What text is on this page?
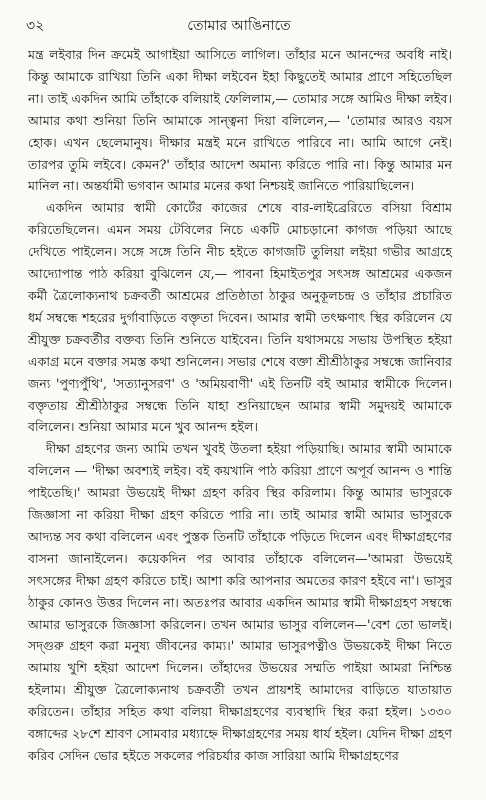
৩২	তোমার আঙিনাতে

মন্ত্র লইবার দিন ক্রমেই আগাইয়া আসিতে লাগিল। তাঁহার মনে আনন্দের অবধি নাই। কিন্তু আমাকে রাখিয়া তিনি একা দীক্ষা লইবেন ইহা কিছুতেই আমার প্রাণে সহিতেছিল না। তাই একদিন আমি তাঁহাকে বলিয়াই ফেলিলাম,— তোমার সঙ্গে আমিও দীক্ষা লইব। আমার কথা শুনিয়া তিনি আমাকে সান্ত্বনা দিয়া বলিলেন,— 'তোমার আরও বয়স হোক। এখন ছেলেমানুষ। দীক্ষার মন্ত্রই মনে রাখিতে পারিবে না। আমি আগে নেই। তারপর তুমি লইবে। কেমন?' তাঁহার আদেশ অমান্য করিতে পারি না। কিন্তু আমার মন মানিল না। অন্তর্যামী ভগবান আমার মনের কথা নিশ্চয়ই জানিতে পারিয়াছিলেন।

একদিন আমার স্বামী কোর্টের কাজের শেষে বার-লাইব্রেরিতে বসিয়া বিশ্রাম করিতেছিলেন। এমন সময় টেবিলের নিচে একটি মোচড়ানো কাগজ পড়িয়া আছে দেখিতে পাইলেন। সঙ্গে সঙ্গে তিনি নীচ হইতে কাগজটি তুলিয়া লইয়া গভীর আগ্রহে আদ্যোপান্ত পাঠ করিয়া বুঝিলেন যে,— পাবনা হিমাইতপুর সৎসঙ্গ আশ্রমের একজন কর্মী ত্রৈলোক্যনাথ চক্রবর্তী আশ্রমের প্রতিষ্ঠাতা ঠাকুর অনুকূলচন্দ্র ও তাঁহার প্রচারিত ধর্ম সম্বন্ধে শহরের দুর্গাবাড়িতে বক্তৃতা দিবেন। আমার স্বামী তৎক্ষণাৎ স্থির করিলেন যে শ্রীযুক্ত চক্রবর্তীর বক্তব্য তিনি শুনিতে যাইবেন। তিনি যথাসময়ে সভায় উপস্থিত হইয়া একাগ্র মনে বক্তার সমস্ত কথা শুনিলেন। সভার শেষে বক্তা শ্রীশ্রীঠাকুর সম্বন্ধে জানিবার জন্য 'পুণ্যপুঁথি', 'সত্যানুসরণ' ও 'অমিয়বাণী' এই তিনটি বই আমার স্বামীকে দিলেন। বক্তৃতায় শ্রীশ্রীঠাকুর সম্বন্ধে তিনি যাহা শুনিয়াছেন আমার স্বামী সমুদয়ই আমাকে বলিলেন। শুনিয়া আমার মনে খুব আনন্দ হইল।

দীক্ষা গ্রহণের জন্য আমি তখন খুবই উতলা হইয়া পড়িয়াছি। আমার স্বামী আমাকে বলিলেন — 'দীক্ষা অবশ্যই লইব। বই কয়খানি পাঠ করিয়া প্রাণে অপূর্ব আনন্দ ও শান্তি পাইতেছি।' আমরা উভয়েই দীক্ষা গ্রহণ করিব স্থির করিলাম। কিন্তু আমার ভাসুরকে জিজ্ঞাসা না করিয়া দীক্ষা গ্রহণ করিতে পারি না। তাই আমার স্বামী আমার ভাসুরকে আদ্যন্ত সব কথা বলিলেন এবং পুস্তক তিনটি তাঁহাকে পড়িতে দিলেন এবং দীক্ষাগ্রহণের বাসনা জানাইলেন। কয়েকদিন পর আবার তাঁহাকে বলিলেন—'আমরা উভয়েই সৎসঙ্গের দীক্ষা গ্রহণ করিতে চাই। আশা করি আপনার অমতের কারণ হইবে না'। ভাসুর ঠাকুর কোনও উত্তর দিলেন না। অতঃপর আবার একদিন আমার স্বামী দীক্ষাগ্রহণ সম্বন্ধে আমার ভাসুরকে জিজ্ঞাসা করিলেন। তখন আমার ভাসুর বলিলেন—'বেশ তো ভালই। সদ্গুরু গ্রহণ করা মনুষ্য জীবনের কাম্য।' আমার ভাসুরপত্নীও উভয়কেই দীক্ষা নিতে আমায় খুশি হইয়া আদেশ দিলেন। তাঁহাদের উভয়ের সম্মতি পাইয়া আমরা নিশ্চিন্ত হইলাম। শ্রীযুক্ত ত্রৈলোক্যনাথ চক্রবর্তী তখন প্রায়শই আমাদের বাড়িতে যাতায়াত করিতেন। তাঁহার সহিত কথা বলিয়া দীক্ষাগ্রহণের ব্যবস্থাদি স্থির করা হইল। ১৩৩০ বঙ্গাব্দের ২৮শে শ্রাবণ সোমবার মধ্যাহ্নে দীক্ষাগ্রহণের সময় ধার্য হইল। যেদিন দীক্ষা গ্রহণ করিব সেদিন ভোর হইতে সকলের পরিচর্যার কাজ সারিয়া আমি দীক্ষাগ্রহণের
